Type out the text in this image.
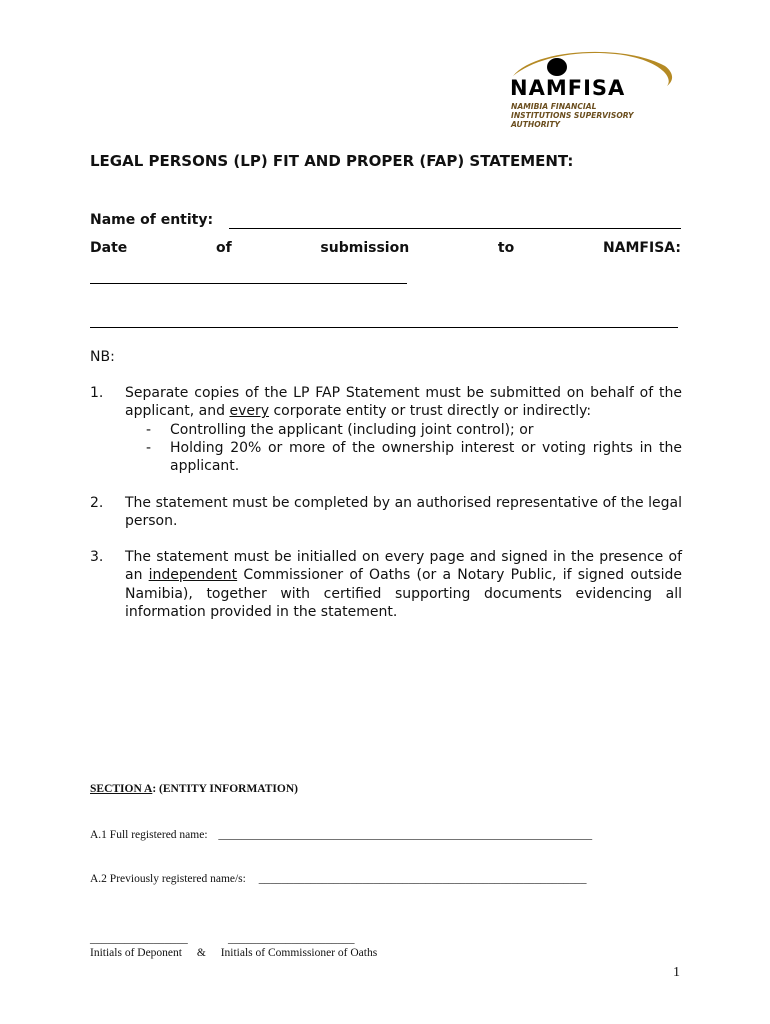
NAMFISA
NAMIBIA FINANCIAL
INSTITUTIONS SUPERVISORY AUTHORITY
LEGAL PERSONS (LP) FIT AND PROPER (FAP) STATEMENT:
Name of entity:
Date	of	submission	to	NAMFISA:
NB:
1. Separate copies of the LP FAP Statement must be submitted on behalf of the applicant, and every corporate entity or trust directly or indirectly:
- Controlling the applicant (including joint control); or
- Holding 20% or more of the ownership interest or voting rights in the applicant.
2. The statement must be completed by an authorised representative of the legal person.
3. The statement must be initialled on every page and signed in the presence of an independent Commissioner of Oaths (or a Notary Public, if signed outside Namibia), together with certified supporting documents evidencing all information provided in the statement.
SECTION A: (ENTITY INFORMATION)
A.1 Full registered name: _________________________________________________________________
A.2 Previously registered name/s: _________________________________________________________
_________________	______________________
Initials of Deponent & Initials of Commissioner of Oaths
1
